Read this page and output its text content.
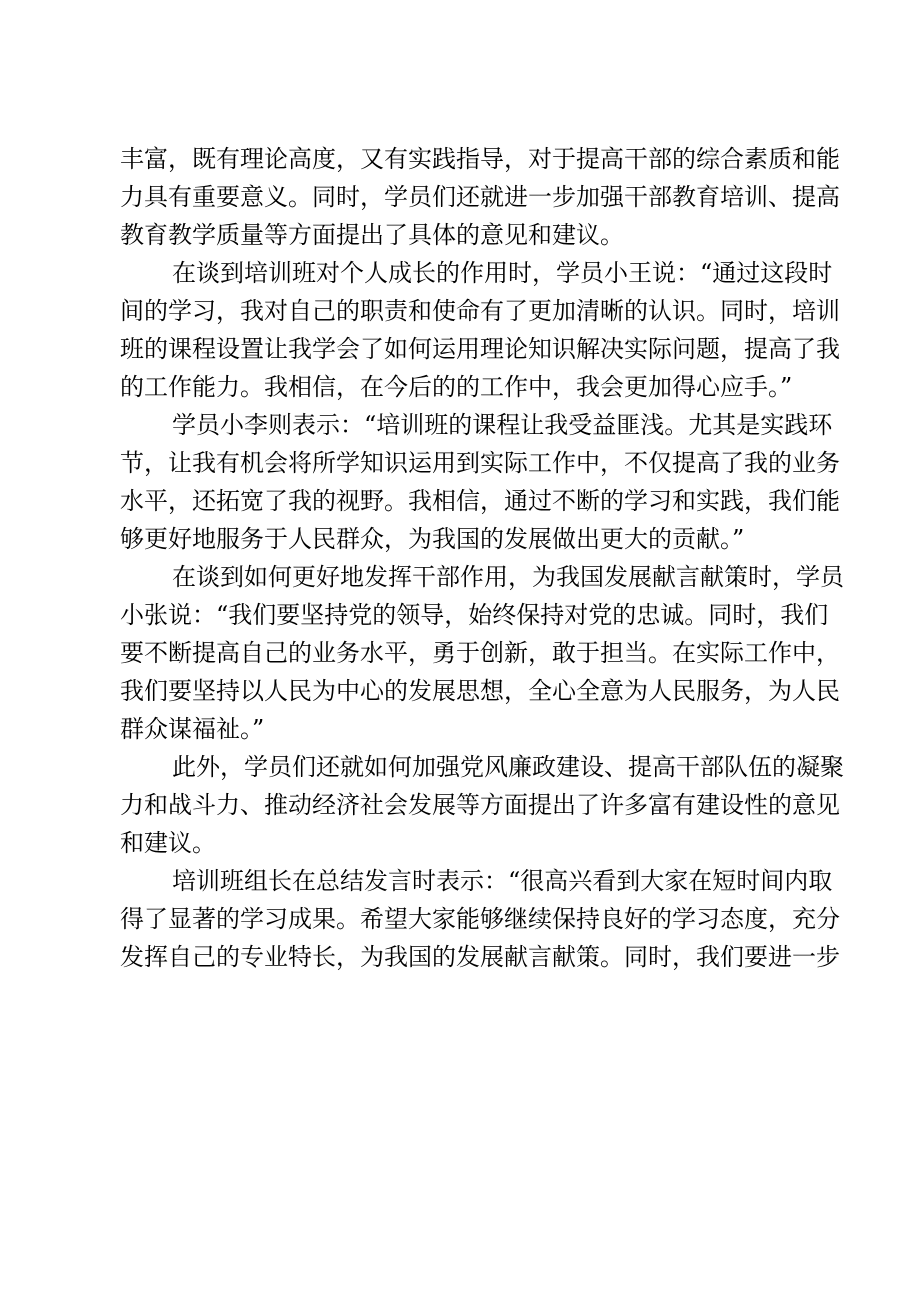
丰富，既有理论高度，又有实践指导，对于提高干部的综合素质和能
力具有重要意义。同时，学员们还就进一步加强干部教育培训、提高
教育教学质量等方面提出了具体的意见和建议。
在谈到培训班对个人成长的作用时，学员小王说：“通过这段时
间的学习，我对自己的职责和使命有了更加清晰的认识。同时，培训
班的课程设置让我学会了如何运用理论知识解决实际问题，提高了我
的工作能力。我相信，在今后的的工作中，我会更加得心应手。”
学员小李则表示：“培训班的课程让我受益匪浅。尤其是实践环
节，让我有机会将所学知识运用到实际工作中，不仅提高了我的业务
水平，还拓宽了我的视野。我相信，通过不断的学习和实践，我们能
够更好地服务于人民群众，为我国的发展做出更大的贡献。”
在谈到如何更好地发挥干部作用，为我国发展献言献策时，学员
小张说：“我们要坚持党的领导，始终保持对党的忠诚。同时，我们
要不断提高自己的业务水平，勇于创新，敢于担当。在实际工作中，
我们要坚持以人民为中心的发展思想，全心全意为人民服务，为人民
群众谋福祉。”
此外，学员们还就如何加强党风廉政建设、提高干部队伍的凝聚
力和战斗力、推动经济社会发展等方面提出了许多富有建设性的意见
和建议。
培训班组长在总结发言时表示：“很高兴看到大家在短时间内取
得了显著的学习成果。希望大家能够继续保持良好的学习态度，充分
发挥自己的专业特长，为我国的发展献言献策。同时，我们要进一步
